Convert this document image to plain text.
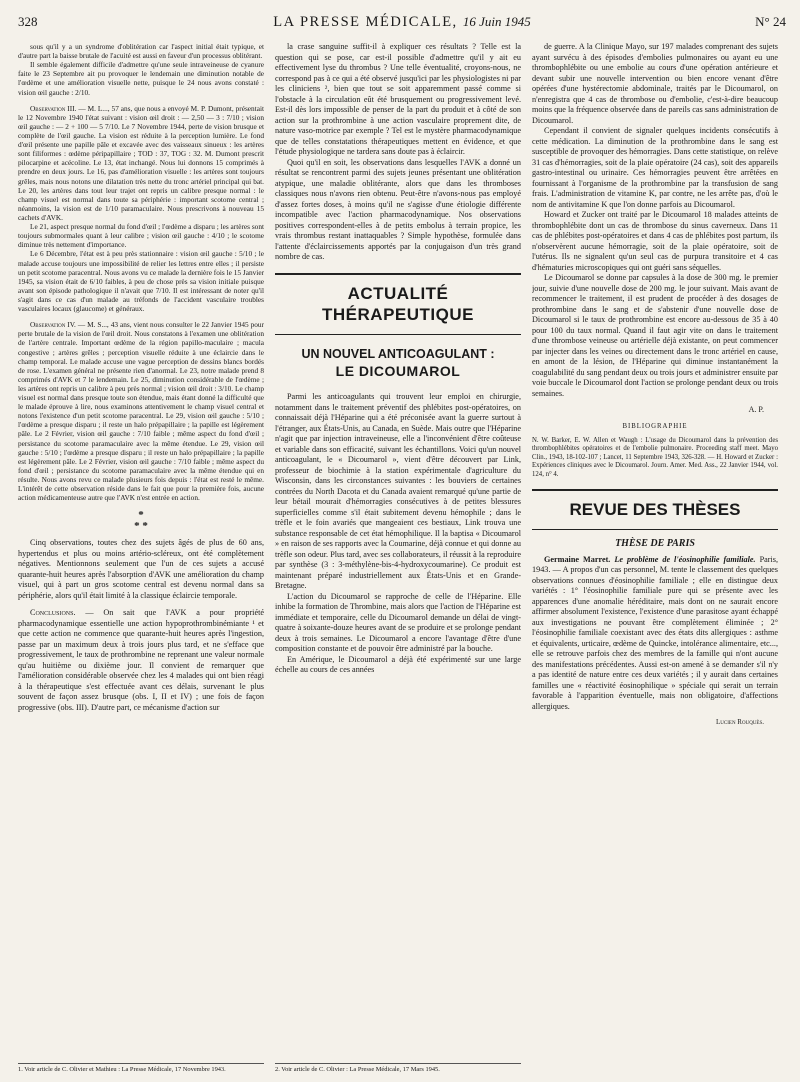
328	LA PRESSE MÉDICALE, 16 Juin 1945	N° 24

sous qu'il y a un syndrome d'oblitération car l'aspect initial était typique, et d'autre part la baisse brutale de l'acuité est aussi en faveur d'un processus oblitérant.

Il semble également difficile d'admettre qu'une seule intraveineuse de cyanure faite le 23 Septembre ait pu provoquer le lendemain une diminution notable de l'œdème et une amélioration visuelle nette, puisque le 24 nous avons constaté : vision œil gauche : 2/10.

Observation III. — M. L..., 57 ans, que nous a envoyé M. P. Dumont, présentait le 12 Novembre 1940 l'état suivant : vision œil droit : — 2,50 — 3 : 7/10 ; vision œil gauche : — 2 + 100 — 5 7/10. Le 7 Novembre 1944, perte de vision brusque et complète de l'œil gauche. La vision est réduite à la perception lumière. Le fond d'œil présente une papille pâle et excavée avec des vaisseaux sinueux : les artères sont filiformes : œdème péripapillaire ; TOD : 37, TOG : 32. M. Dumont prescrit pilocarpine et acécoline. Le 13, état inchangé. Nous lui donnons 15 comprimés à prendre en deux jours. Le 16, pas d'amélioration visuelle : les artères sont toujours grêles, mais nous notons une dilatation très nette du tronc artériel principal qui bat. Le 20, les artères dans tout leur trajet ont repris un calibre presque normal : le champ visuel est normal dans toute sa périphérie : important scotome central ; néanmoins, la vision est de 1/10 paramaculaire. Nous prescrivons à nouveau 15 cachets d'AVK.

Le 21, aspect presque normal du fond d'œil ; l'œdème a disparu ; les artères sont toujours submormales quant à leur calibre ; vision œil gauche : 4/10 ; le scotome diminue très nettement d'importance.

Le 6 Décembre, l'état est à peu près stationnaire : vision œil gauche : 5/10 ; le malade accuse toujours une impossibilité de relier les lettres entre elles ; il persiste un petit scotome paracentral. Nous avons vu ce malade la dernière fois le 15 Janvier 1945, sa vision était de 6/10 faibles, à peu de chose près sa vision initiale puisque avant son épisode pathologique il n'avait que 7/10. Il est intéressant de noter qu'il s'agit dans ce cas d'un malade au tréfonds de l'accident vasculaire troubles vasculaires locaux (glaucome) et généraux.

Observation IV. — M. S..., 43 ans, vient nous consulter le 22 Janvier 1945 pour perte brutale de la vision de l'œil droit. Nous constatons à l'examen une oblitération de l'artère centrale. Important œdème de la région papillo-maculaire ; macula congestive ; artères grêles ; perception visuelle réduite à une éclaircie dans le champ temporal. Le malade accuse une vague perception de dessins blancs bordés de rose. L'examen général ne présente rien d'anormal. Le 23, notre malade prend 8 comprimés d'AVK et 7 le lendemain. Le 25, diminution considérable de l'œdème ; les artères ont repris un calibre à peu près normal ; vision œil droit : 3/10. Le champ visuel est normal dans presque toute son étendue, mais étant donné la difficulté que le malade éprouve à lire, nous examinons attentivement le champ visuel central et notons l'existence d'un petit scotome paracentral. Le 29, vision œil gauche : 5/10 ; l'œdème a presque disparu ; il reste un halo prépapillaire ; la papille est légèrement pâle. Le 2 Février, vision œil gauche : 7/10 faible ; même aspect du fond d'œil ; persistance du scotome paramaculaire avec la même étendue. Le 29, vision œil gauche : 5/10 ; l'œdème a presque disparu ; il reste un halo prépapillaire ; la papille est légèrement pâle. Le 2 Février, vision œil gauche : 7/10 faible ; même aspect du fond d'œil ; persistance du scotome paramaculaire avec la même étendue qui en résulte. Nous avons revu ce malade plusieurs fois depuis : l'état est resté le même. L'intérêt de cette observation réside dans le fait que pour la première fois, aucune action médicamenteuse autre que l'AVK n'est entrée en action.

*
* *

Cinq observations, toutes chez des sujets âgés de plus de 60 ans, hypertendus et plus ou moins artério-scléreux, ont été complètement négatives. Mentionnons seulement que l'un de ces sujets a accusé quarante-huit heures après l'absorption d'AVK une amélioration du champ visuel, qui à part un gros scotome central est devenu normal dans sa périphérie, alors qu'il était limité à la classique éclaircie temporale.

Conclusions. — On sait que l'AVK a pour propriété pharmacodynamique essentielle une action hypoprothrombinémiante ¹ et que cette action ne commence que quarante-huit heures après l'ingestion, passe par un maximum deux à trois jours plus tard, et ne s'efface que progressivement, le taux de prothrombine ne reprenant une valeur normale qu'au huitième ou dixième jour. Il convient de remarquer que l'amélioration considérable observée chez les 4 malades qui ont bien réagi à la thérapeutique s'est effectuée avant ces délais, survenant le plus souvent de façon assez brusque (obs. I, II et IV) ; une fois de façon progressive (obs. III). D'autre part, ce mécanisme d'action sur

1. Voir article de C. Olivier et Mathieu : La Presse Médicale, 17 Novembre 1943.

la crase sanguine suffit-il à expliquer ces résultats ? Telle est la question qui se pose, car est-il possible d'admettre qu'il y ait eu effectivement lyse du thrombus ? Une telle éventualité, croyons-nous, ne correspond pas à ce qui a été observé jusqu'ici par les physiologistes ni par les cliniciens ², bien que tout se soit apparemment passé comme si l'obstacle à la circulation eût été brusquement ou progressivement levé. Est-il dès lors impossible de penser de la part du produit et à côté de son action sur la prothrombine à une action vasculaire proprement dite, de nature vaso-motrice par exemple ? Tel est le mystère pharmacodynamique que de telles constatations thérapeutiques mettent en évidence, et que l'étude physiologique ne tardera sans doute pas à éclaircir.

Quoi qu'il en soit, les observations dans lesquelles l'AVK a donné un résultat se rencontrent parmi des sujets jeunes présentant une oblitération atypique, une maladie oblitérante, alors que dans les thromboses classiques nous n'avons rien obtenu. Peut-être n'avons-nous pas employé d'assez fortes doses, à moins qu'il ne s'agisse d'une étiologie différente incompatible avec l'action pharmacodynamique. Nos observations positives correspondent-elles à de petits embolus à terrain propice, les vrais thrombus restant inattaquables ? Simple hypothèse, formulée dans l'attente d'éclaircissements apportés par la conjugaison d'un très grand nombre de cas.

ACTUALITÉ THÉRAPEUTIQUE
UN NOUVEL ANTICOAGULANT :
LE DICOUMAROL

Parmi les anticoagulants qui trouvent leur emploi en chirurgie, notamment dans le traitement préventif des phlébites post-opératoires, on connaissait déjà l'Héparine qui a été préconisée avant la guerre surtout à l'étranger, aux États-Unis, au Canada, en Suède. Mais outre que l'Héparine n'agit que par injection intraveineuse, elle a l'inconvénient d'être coûteuse et variable dans son efficacité, suivant les échantillons. Voici qu'un nouvel anticoagulant, le « Dicoumarol », vient d'être découvert par Link, professeur de biochimie à la station expérimentale d'agriculture du Wisconsin, dans les circonstances suivantes : les bouviers de certaines contrées du North Dacota et du Canada avaient remarqué qu'une partie de leur bétail mourait d'hémorragies consécutives à de petites blessures superficielles comme s'il était subitement devenu hémophile ; dans le trèfle et le foin avariés que mangeaient ces bestiaux, Link trouva une substance responsable de cet état hémophilique. Il la baptisa « Dicoumarol » en raison de ses rapports avec la Coumarine, déjà connue et qui donne au trèfle son odeur. Plus tard, avec ses collaborateurs, il réussit à la reproduire par synthèse (3 : 3-méthylène-bis-4-hydroxycoumarine). Ce produit est maintenant préparé industriellement aux États-Unis et en Grande-Bretagne.

L'action du Dicoumarol se rapproche de celle de l'Héparine. Elle inhibe la formation de Thrombine, mais alors que l'action de l'Héparine est immédiate et temporaire, celle du Dicoumarol demande un délai de vingt-quatre à soixante-douze heures avant de se produire et se prolonge pendant deux à trois semaines. Le Dicoumarol a encore l'avantage d'être d'une composition constante et de pouvoir être administré par la bouche.

En Amérique, le Dicoumarol a déjà été expérimenté sur une large échelle au cours de ces années

2. Voir article de C. Olivier : La Presse Médicale, 17 Mars 1945.

de guerre. A la Clinique Mayo, sur 197 malades comprenant des sujets ayant survécu à des épisodes d'embolies pulmonaires ou ayant eu une thrombophlébite ou une embolie au cours d'une opération antérieure et devant subir une nouvelle intervention ou bien encore venant d'être opérées d'une hystérectomie abdominale, traités par le Dicoumarol, on n'enregistra que 4 cas de thrombose ou d'embolie, c'est-à-dire beaucoup moins que la fréquence observée dans de pareils cas sans administration de Dicoumarol.

Cependant il convient de signaler quelques incidents consécutifs à cette médication. La diminution de la prothrombine dans le sang est susceptible de provoquer des hémorragies. Dans cette statistique, on relève 31 cas d'hémorragies, soit de la plaie opératoire (24 cas), soit des appareils gastro-intestinal ou urinaire. Ces hémorragies peuvent être arrêtées en fournissant à l'organisme de la prothrombine par la transfusion de sang frais. L'administration de vitamine K, par contre, ne les arrête pas, d'où le nom de antivitamine K que l'on donne parfois au Dicoumarol.

Howard et Zucker ont traité par le Dicoumarol 18 malades atteints de thrombophlébite dont un cas de thrombose du sinus caverneux. Dans 11 cas de phlébites post-opératoires et dans 4 cas de phlébites post partum, ils n'observèrent aucune hémorragie, soit de la plaie opératoire, soit de l'utérus. Ils ne signalent qu'un seul cas de purpura transitoire et 4 cas d'hématuries microscopiques qui ont guéri sans séquelles.

Le Dicoumarol se donne par capsules à la dose de 300 mg. le premier jour, suivie d'une nouvelle dose de 200 mg. le jour suivant. Mais avant de recommencer le traitement, il est prudent de procéder à des dosages de prothrombine dans le sang et de s'abstenir d'une nouvelle dose de Dicoumarol si le taux de prothrombine est encore au-dessous de 35 à 40 pour 100 du taux normal. Quand il faut agir vite on dans le traitement d'une thrombose veineuse ou artérielle déjà existante, on peut commencer par injecter dans les veines ou directement dans le tronc artériel en cause, en amont de la lésion, de l'Héparine qui diminue instantanément la coagulabilité du sang pendant deux ou trois jours et administrer ensuite par voie buccale le Dicoumarol dont l'action se prolonge pendant deux ou trois semaines.

A. P.
BIBLIOGRAPHIE
N. W. Barker, E. W. Allen et Waugh : L'usage du Dicoumarol dans la prévention des thrombophlébites opératoires et de l'embolie pulmonaire. Proceeding staff meet. Mayo Clin., 1943, 18-102-107 ; Lancet, 11 Septembre 1943, 326-328. — H. Howard et Zucker : Expériences cliniques avec le Dicoumarol. Journ. Amer. Med. Ass., 22 Janvier 1944, vol. 124, n° 4.
REVUE DES THÈSES
THÈSE DE PARIS

Germaine Marret. Le problème de l'éosinophilie familiale. Paris, 1943. — A propos d'un cas personnel, M. tente le classement des quelques observations connues d'éosinophilie familiale ; elle en distingue deux variétés : 1° l'éosinophilie familiale pure qui se présente avec les apparences d'une anomalie héréditaire, mais dont on ne saurait encore affirmer absolument l'existence, l'existence d'une parasitose ayant échappé aux investigations ne pouvant être complètement éliminée ; 2° l'éosinophilie familiale coexistant avec des états dits allergiques : asthme et équivalents, urticaire, œdème de Quincke, intolérance alimentaire, etc..., elle se retrouve parfois chez des membres de la famille qui n'ont aucune des manifestations précédentes. Aussi est-on amené à se demander s'il n'y a pas identité de nature entre ces deux variétés ; il y aurait dans certaines familles une « réactivité éosinophilique » spéciale qui serait un terrain favorable à l'apparition éventuelle, mais non obligatoire, d'affections allergiques.

Lucien Rouquès.
